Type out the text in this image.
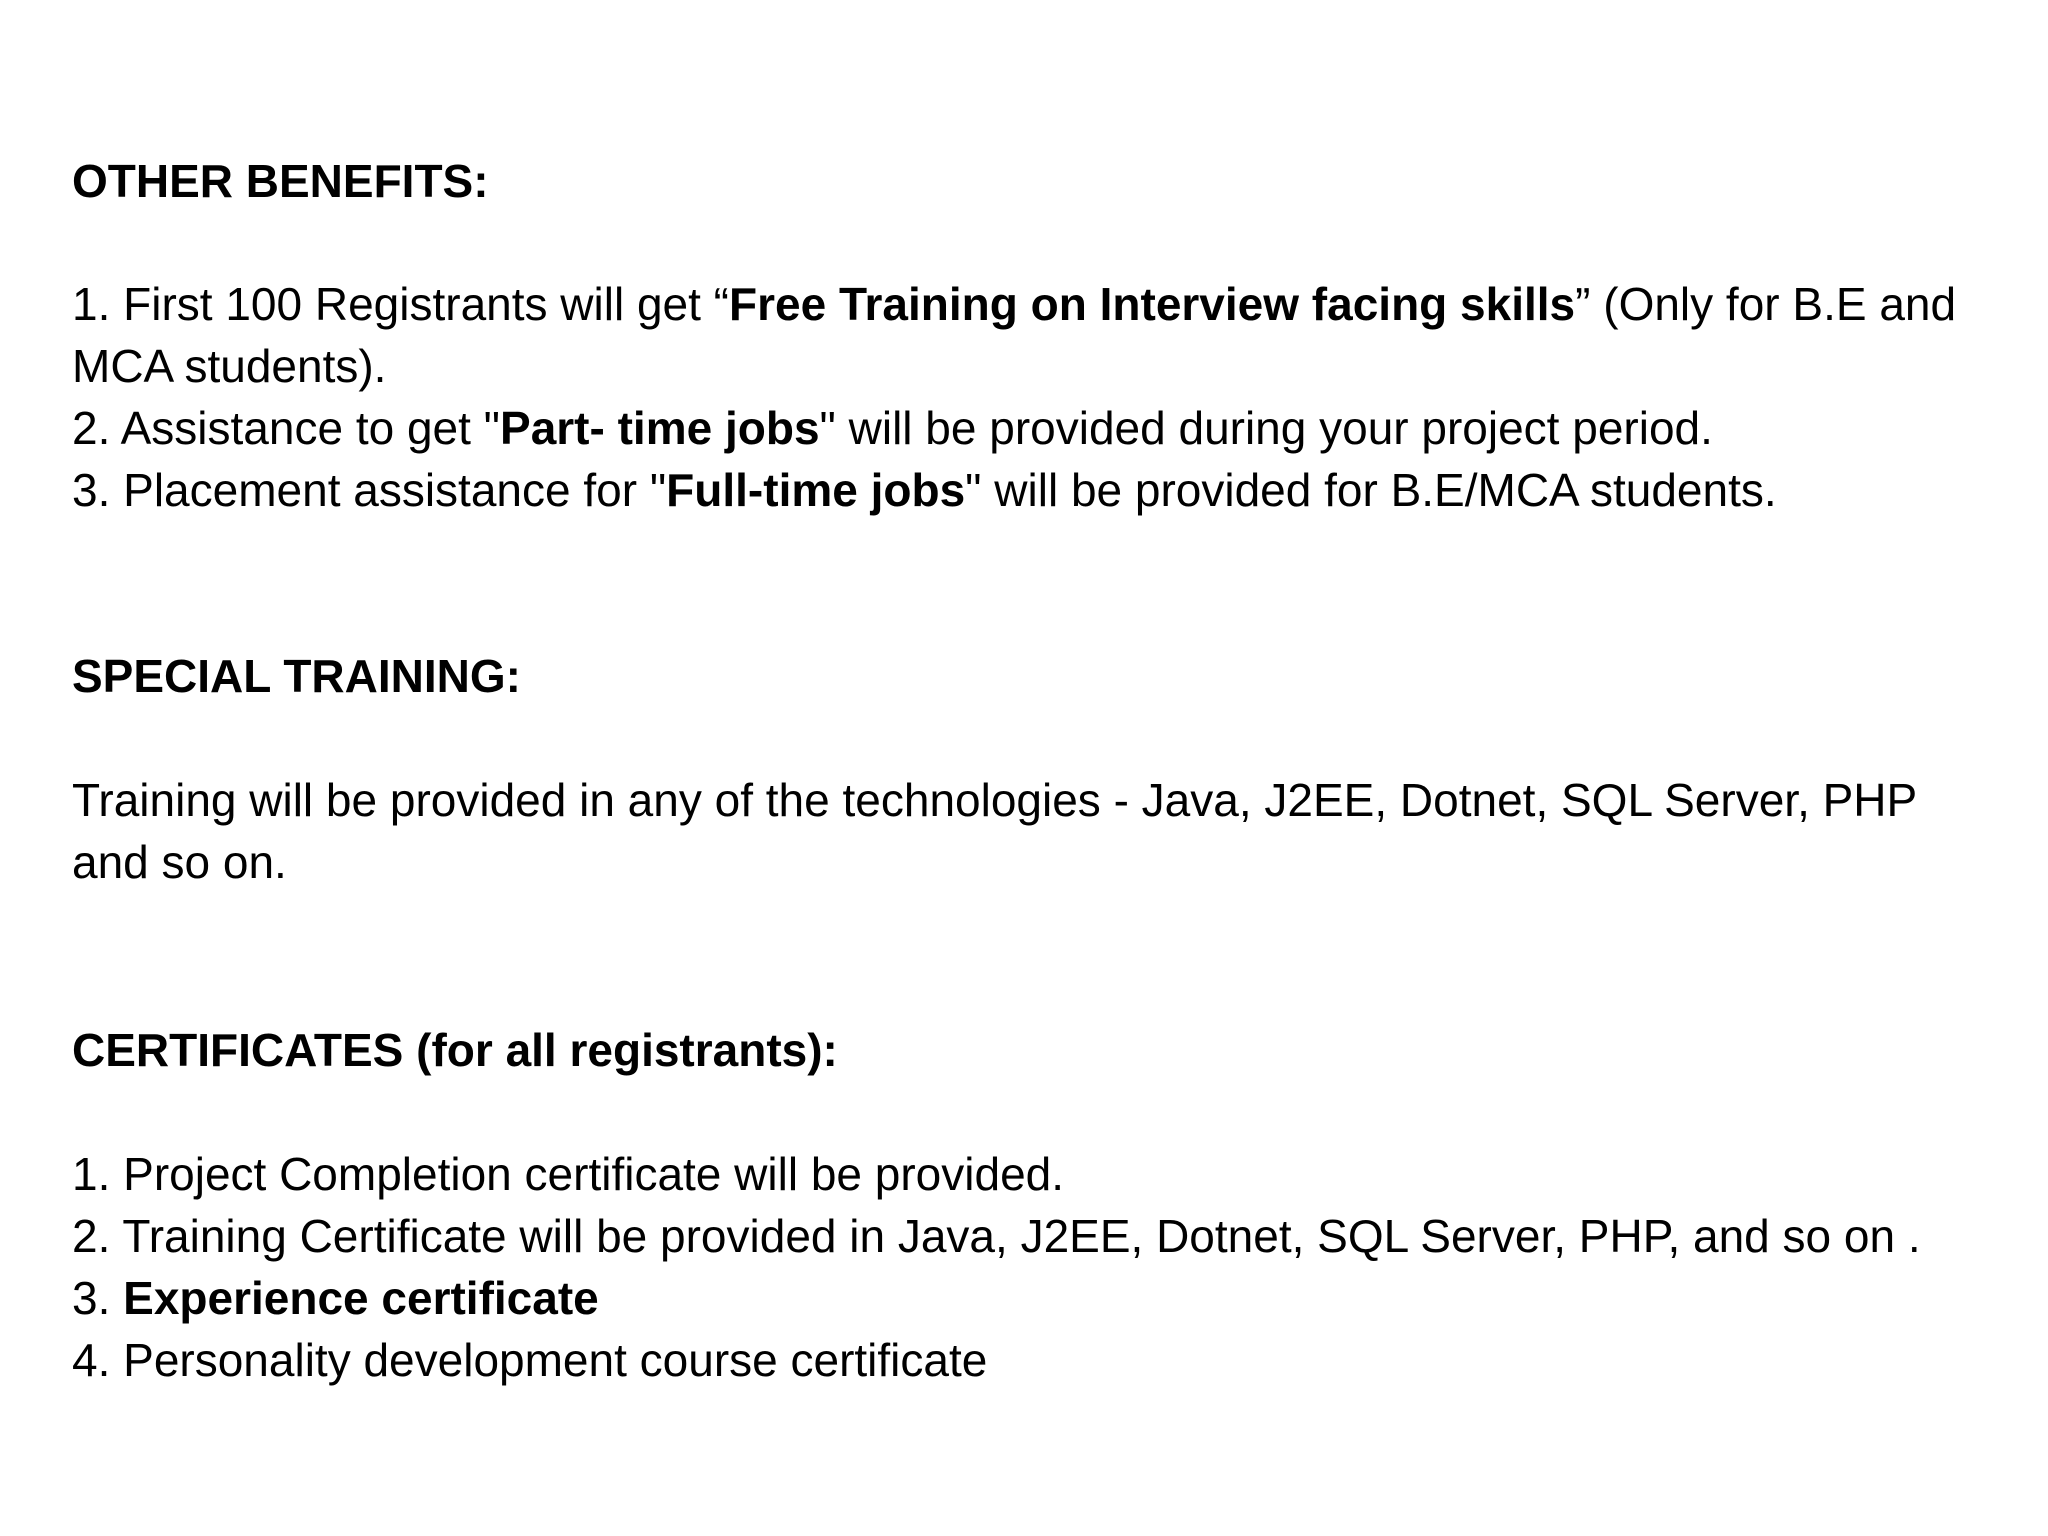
OTHER BENEFITS:
1. First 100 Registrants will get “Free Training on Interview facing skills” (Only for B.E and
MCA students).
2. Assistance to get "Part- time jobs" will be provided during your project period.
3. Placement assistance for "Full-time jobs" will be provided for B.E/MCA students.
SPECIAL TRAINING:
Training will be provided in any of the technologies - Java, J2EE, Dotnet, SQL Server, PHP
and so on.
CERTIFICATES (for all registrants):
1. Project Completion certificate will be provided.
2. Training Certificate will be provided in Java, J2EE, Dotnet, SQL Server, PHP, and so on .
3. Experience certificate
4. Personality development course certificate
